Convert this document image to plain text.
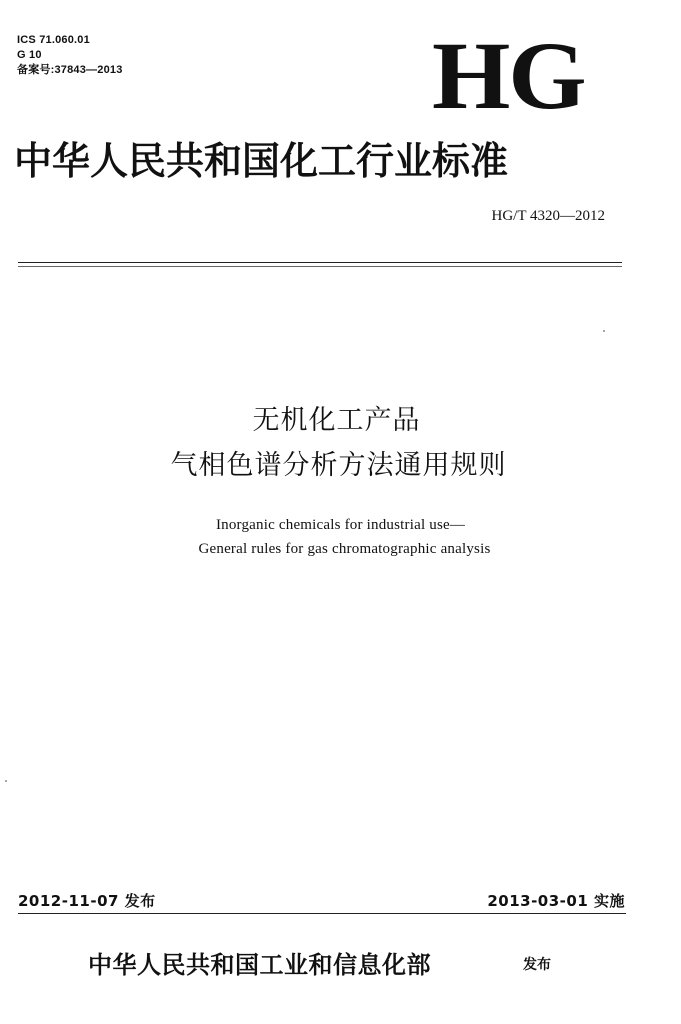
ICS 71.060.01
G 10
备案号:37843—2013	HG
中华人民共和国化工行业标准
HG/T 4320—2012
无机化工产品
气相色谱分析方法通用规则
Inorganic chemicals for industrial use—
General rules for gas chromatographic analysis
2012-11-07 发布	2013-03-01 实施
中华人民共和国工业和信息化部	发布
